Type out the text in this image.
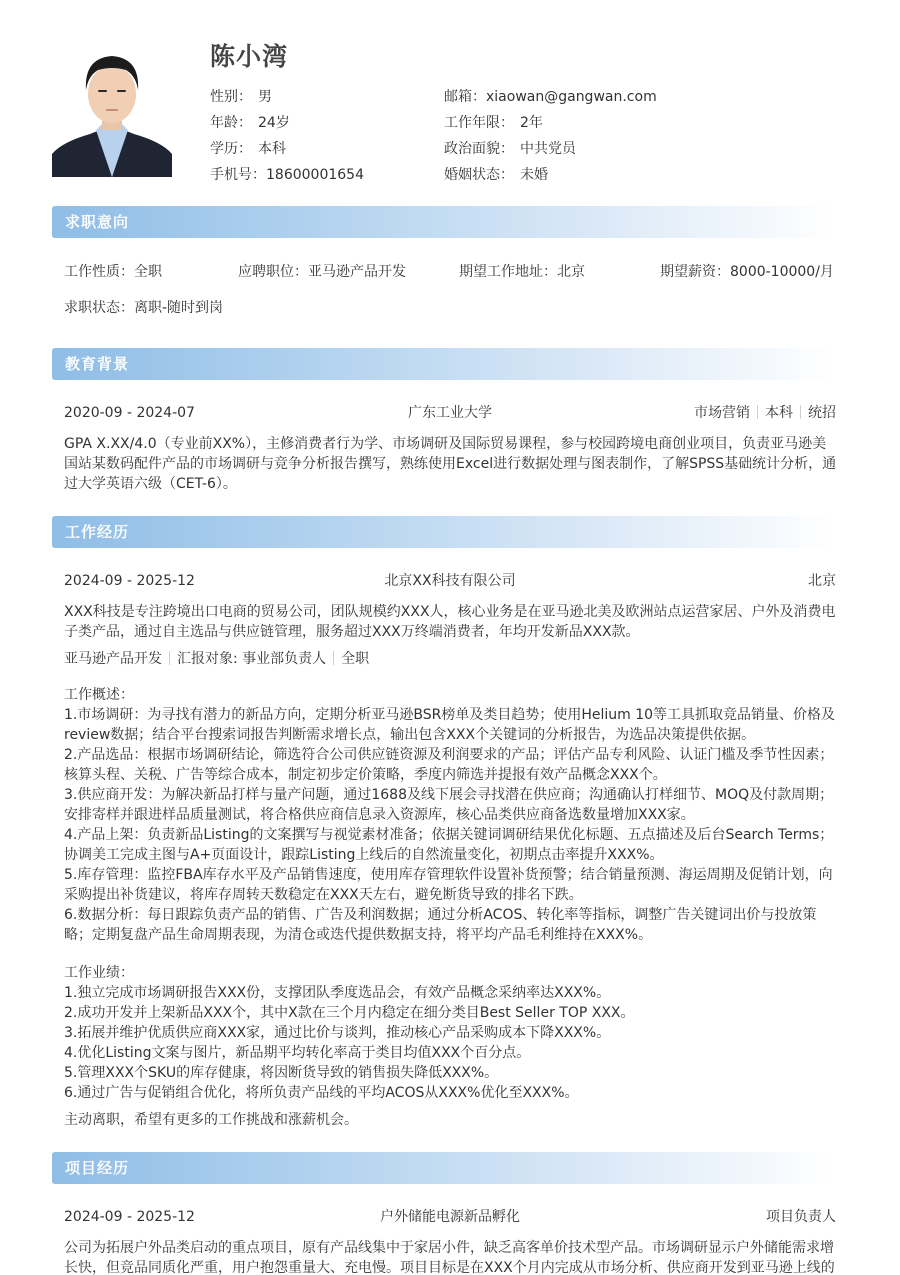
陈小湾
性别： 男
年龄： 24岁
学历： 本科
手机号：18600001654
邮箱：xiaowan@gangwan.com
工作年限： 2年
政治面貌： 中共党员
婚姻状态： 未婚
求职意向
工作性质：全职	应聘职位：亚马逊产品开发	期望工作地址：北京	期望薪资：8000-10000/月
求职状态：离职-随时到岗
教育背景
2020-09 - 2024-07	广东工业大学	市场营销 本科 统招
GPA X.XX/4.0（专业前XX%），主修消费者行为学、市场调研及国际贸易课程，参与校园跨境电商创业项目，负责亚马逊美
国站某数码配件产品的市场调研与竞争分析报告撰写，熟练使用Excel进行数据处理与图表制作，了解SPSS基础统计分析，通
过大学英语六级（CET-6）。
工作经历
2024-09 - 2025-12	北京XX科技有限公司	北京
XXX科技是专注跨境出口电商的贸易公司，团队规模约XXX人，核心业务是在亚马逊北美及欧洲站点运营家居、户外及消费电
子类产品，通过自主选品与供应链管理，服务超过XXX万终端消费者，年均开发新品XXX款。
亚马逊产品开发 汇报对象: 事业部负责人 全职
工作概述：
1.市场调研：为寻找有潜力的新品方向，定期分析亚马逊BSR榜单及类目趋势；使用Helium 10等工具抓取竞品销量、价格及
review数据；结合平台搜索词报告判断需求增长点，输出包含XXX个关键词的分析报告，为选品决策提供依据。
2.产品选品：根据市场调研结论，筛选符合公司供应链资源及利润要求的产品；评估产品专利风险、认证门槛及季节性因素；
核算头程、关税、广告等综合成本，制定初步定价策略，季度内筛选并提报有效产品概念XXX个。
3.供应商开发：为解决新品打样与量产问题，通过1688及线下展会寻找潜在供应商；沟通确认打样细节、MOQ及付款周期；
安排寄样并跟进样品质量测试，将合格供应商信息录入资源库，核心品类供应商备选数量增加XXX家。
4.产品上架：负责新品Listing的文案撰写与视觉素材准备；依据关键词调研结果优化标题、五点描述及后台Search Terms；
协调美工完成主图与A+页面设计，跟踪Listing上线后的自然流量变化，初期点击率提升XXX%。
5.库存管理：监控FBA库存水平及产品销售速度，使用库存管理软件设置补货预警；结合销量预测、海运周期及促销计划，向
采购提出补货建议，将库存周转天数稳定在XXX天左右，避免断货导致的排名下跌。
6.数据分析：每日跟踪负责产品的销售、广告及利润数据；通过分析ACOS、转化率等指标，调整广告关键词出价与投放策
略；定期复盘产品生命周期表现，为清仓或迭代提供数据支持，将平均产品毛利维持在XXX%。
工作业绩：
1.独立完成市场调研报告XXX份，支撑团队季度选品会，有效产品概念采纳率达XXX%。
2.成功开发并上架新品XXX个，其中X款在三个月内稳定在细分类目Best Seller TOP XXX。
3.拓展并维护优质供应商XXX家，通过比价与谈判，推动核心产品采购成本下降XXX%。
4.优化Listing文案与图片，新品期平均转化率高于类目均值XXX个百分点。
5.管理XXX个SKU的库存健康，将因断货导致的销售损失降低XXX%。
6.通过广告与促销组合优化，将所负责产品线的平均ACOS从XXX%优化至XXX%。
主动离职，希望有更多的工作挑战和涨薪机会。
项目经历
2024-09 - 2025-12	户外储能电源新品孵化	项目负责人
公司为拓展户外品类启动的重点项目，原有产品线集中于家居小件，缺乏高客单价技术型产品。市场调研显示户外储能需求增
长快，但竞品同质化严重，用户抱怨重量大、充电慢。项目目标是在XXX个月内完成从市场分析、供应商开发到亚马逊上线的
